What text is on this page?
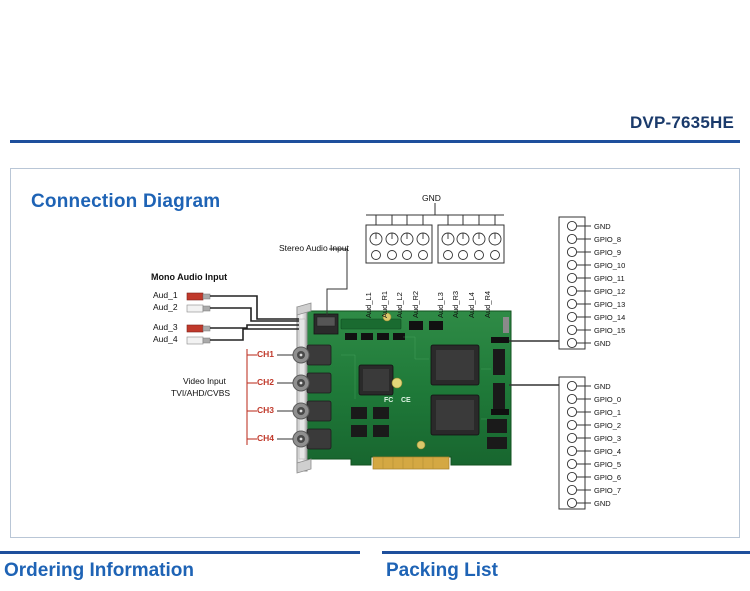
DVP-7635HE
Connection Diagram	GND
Stereo Audio Input
Mono Audio Input
Aud_1
Aud_2
Aud_3
Aud_4
Video Input
TVI/AHD/CVBS
CH1
CH2
CH3
CH4
Aud_L1 Aud_R1 Aud_L2 Aud_R2 Aud_L3 Aud_R3 Aud_L4 Aud_R4
GND
GPIO_8
GPIO_9
GPIO_10
GPIO_11
GPIO_12
GPIO_13
GPIO_14
GPIO_15
GND
GND
GPIO_0
GPIO_1
GPIO_2
GPIO_3
GPIO_4
GPIO_5
GPIO_6
GPIO_7
GND
FC CE
Ordering Information	Packing List
